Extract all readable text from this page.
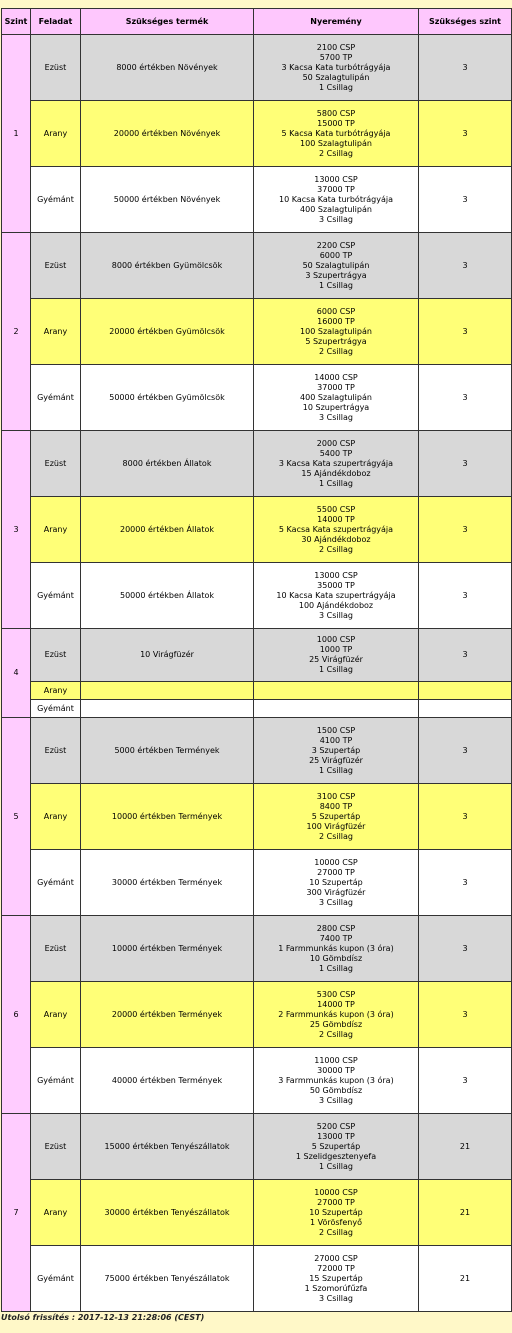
Szint	Feladat	Szükséges termék	Nyeremény	Szükséges szint
1	Ezüst	8000 értékben Növények	2100 CSP
5700 TP
3 Kacsa Kata turbótrágyája
50 Szalagtulipán
1 Csillag	3
	Arany	20000 értékben Növények	5800 CSP
15000 TP
5 Kacsa Kata turbótrágyája
100 Szalagtulipán
2 Csillag	3
	Gyémánt	50000 értékben Növények	13000 CSP
37000 TP
10 Kacsa Kata turbótrágyája
400 Szalagtulipán
3 Csillag	3
2	Ezüst	8000 értékben Gyümölcsök	2200 CSP
6000 TP
50 Szalagtulipán
3 Szupertrágya
1 Csillag	3
	Arany	20000 értékben Gyümölcsök	6000 CSP
16000 TP
100 Szalagtulipán
5 Szupertrágya
2 Csillag	3
	Gyémánt	50000 értékben Gyümölcsök	14000 CSP
37000 TP
400 Szalagtulipán
10 Szupertrágya
3 Csillag	3
3	Ezüst	8000 értékben Állatok	2000 CSP
5400 TP
3 Kacsa Kata szupertrágyája
15 Ajándékdoboz
1 Csillag	3
	Arany	20000 értékben Állatok	5500 CSP
14000 TP
5 Kacsa Kata szupertrágyája
30 Ajándékdoboz
2 Csillag	3
	Gyémánt	50000 értékben Állatok	13000 CSP
35000 TP
10 Kacsa Kata szupertrágyája
100 Ajándékdoboz
3 Csillag	3
4	Ezüst	10 Virágfüzér	1000 CSP
1000 TP
25 Virágfüzér
1 Csillag	3
	Arany			
	Gyémánt			
5	Ezüst	5000 értékben Termények	1500 CSP
4100 TP
3 Szupertáp
25 Virágfüzér
1 Csillag	3
	Arany	10000 értékben Termények	3100 CSP
8400 TP
5 Szupertáp
100 Virágfüzér
2 Csillag	3
	Gyémánt	30000 értékben Termények	10000 CSP
27000 TP
10 Szupertáp
300 Virágfüzér
3 Csillag	3
6	Ezüst	10000 értékben Termények	2800 CSP
7400 TP
1 Farmmunkás kupon (3 óra)
10 Gömbdísz
1 Csillag	3
	Arany	20000 értékben Termények	5300 CSP
14000 TP
2 Farmmunkás kupon (3 óra)
25 Gömbdísz
2 Csillag	3
	Gyémánt	40000 értékben Termények	11000 CSP
30000 TP
3 Farmmunkás kupon (3 óra)
50 Gömbdísz
3 Csillag	3
7	Ezüst	15000 értékben Tenyészállatok	5200 CSP
13000 TP
5 Szupertáp
1 Szelidgesztenyefa
1 Csillag	21
	Arany	30000 értékben Tenyészállatok	10000 CSP
27000 TP
10 Szupertáp
1 Vörösfenyő
2 Csillag	21
	Gyémánt	75000 értékben Tenyészállatok	27000 CSP
72000 TP
15 Szupertáp
1 Szomorúfűzfa
3 Csillag	21
Utolsó frissítés : 2017-12-13 21:28:06 (CEST)
